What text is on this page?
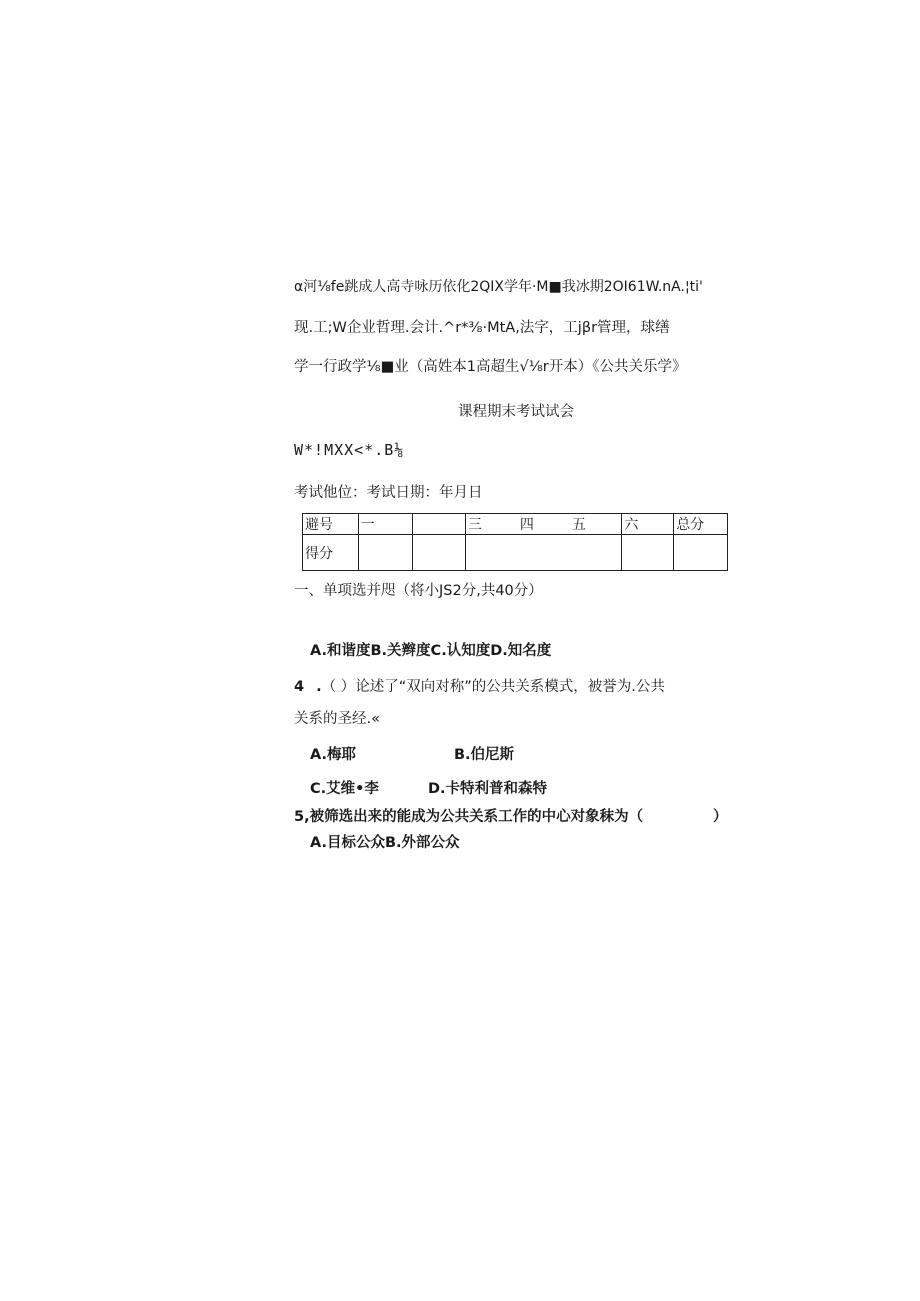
α河⅛fe跳成人高寺咏历依化2QIX学年·M■我冰期2OI61W.nA.¦ti'
现.工;W企业哲理.会计.^r*⅜·MtA,法字，工jβr管理，球缮
学一行政学⅛■业（高姓本1高超生√⅛r开本）《公共关乐学》
课程期末考试试会
W*!MXX<*.B⅛
考试他位：考试日期：年月日
避号	一		三 四 五	六	总分
得分					
一、单项选并咫（将小JS2分,共40分）
A.和谐度B.关辫度C.认知度D.知名度
4 .（ ）论述了“双向对称”的公共关系模式，被誉为.公共
关系的圣经.«
A.梅耶	B.伯尼斯
C.艾维•李	D.卡特利普和森特
5,被筛选出来的能成为公共关系工作的中心对象秣为（	）
A.目标公众B.外部公众
